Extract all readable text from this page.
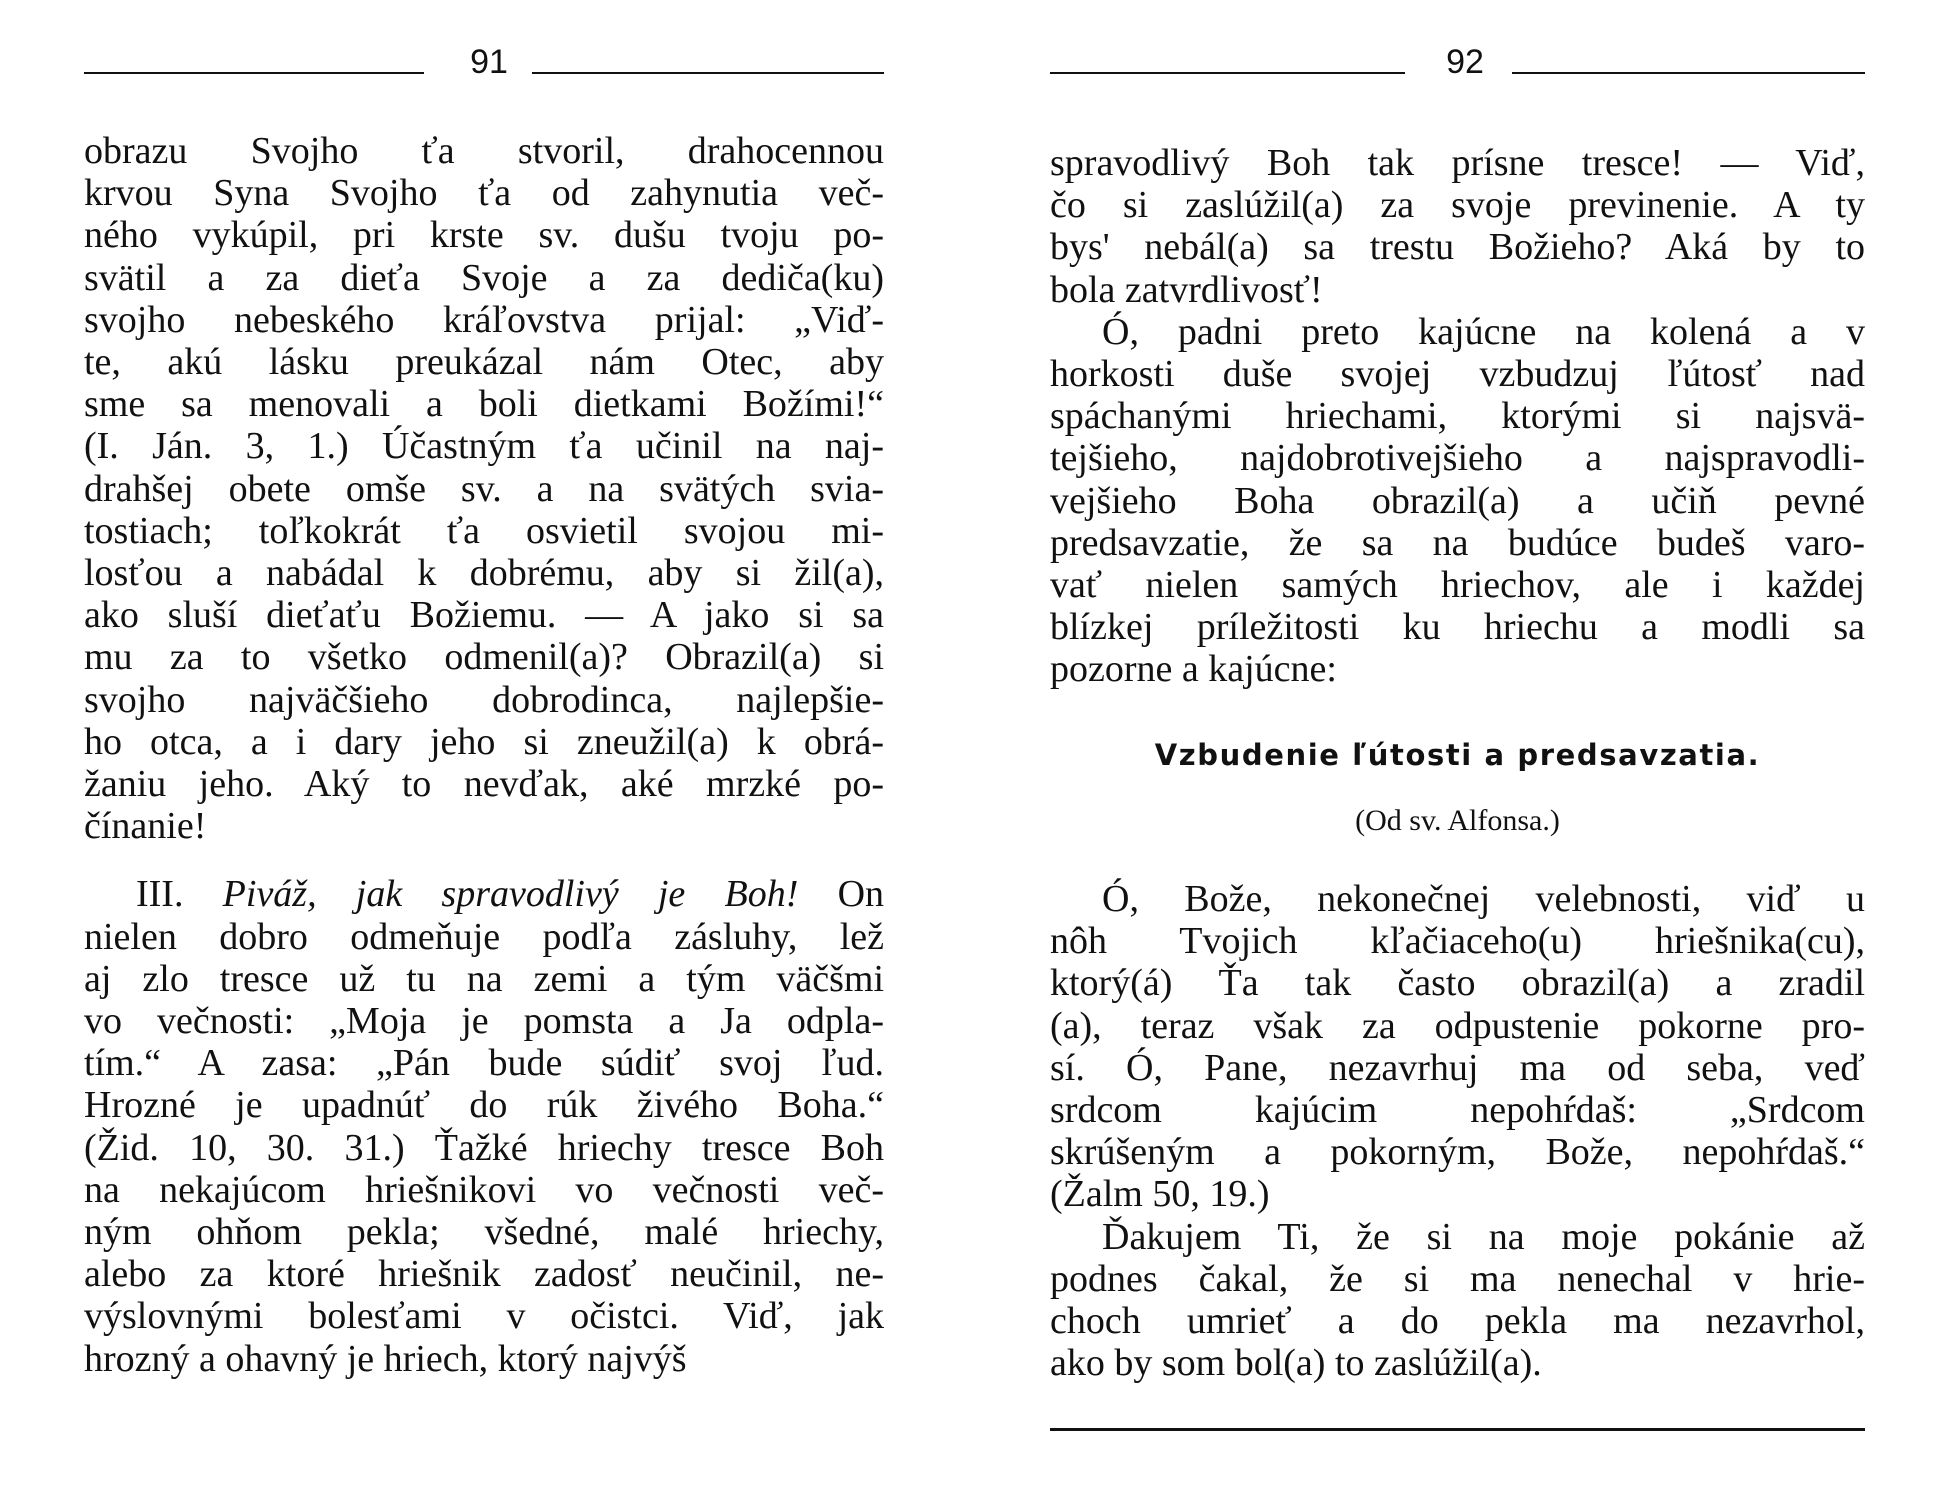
91
obrazu Svojho ťa stvoril, drahocennou
krvou Syna Svojho ťa od zahynutia več-
ného vykúpil, pri krste sv. dušu tvoju po-
svätil a za dieťa Svoje a za dediča(ku)
svojho nebeského kráľovstva prijal: „Viď-
te, akú lásku preukázal nám Otec, aby
sme sa menovali a boli dietkami Božími!“
(I. Ján. 3, 1.) Účastným ťa učinil na naj-
drahšej obete omše sv. a na svätých svia-
tostiach; toľkokrát ťa osvietil svojou mi-
losťou a nabádal k dobrému, aby si žil(a),
ako sluší dieťaťu Božiemu. — A jako si sa
mu za to všetko odmenil(a)? Obrazil(a) si
svojho najväčšieho dobrodinca, najlepšie-
ho otca, a i dary jeho si zneužil(a) k obrá-
žaniu jeho. Aký to nevďak, aké mrzké po-
čínanie!
III. Piváž, jak spravodlivý je Boh! On
nielen dobro odmeňuje podľa zásluhy, lež
aj zlo tresce už tu na zemi a tým väčšmi
vo večnosti: „Moja je pomsta a Ja odpla-
tím.“ A zasa: „Pán bude súdiť svoj ľud.
Hrozné je upadnúť do rúk živého Boha.“
(Žid. 10, 30. 31.) Ťažké hriechy tresce Boh
na nekajúcom hriešnikovi vo večnosti več-
ným ohňom pekla; všedné, malé hriechy,
alebo za ktoré hriešnik zadosť neučinil, ne-
výslovnými bolesťami v očistci. Viď, jak
hrozný a ohavný je hriech, ktorý najvýš
92
spravodlivý Boh tak prísne tresce! — Viď,
čo si zaslúžil(a) za svoje previnenie. A ty
bys' nebál(a) sa trestu Božieho? Aká by to
bola zatvrdlivosť!
Ó, padni preto kajúcne na kolená a v
horkosti duše svojej vzbudzuj ľútosť nad
spáchanými hriechami, ktorými si najsvä-
tejšieho, najdobrotivejšieho a najspravodli-
vejšieho Boha obrazil(a) a učiň pevné
predsavzatie, že sa na budúce budeš varo-
vať nielen samých hriechov, ale i každej
blízkej príležitosti ku hriechu a modli sa
pozorne a kajúcne:
Vzbudenie ľútosti a predsavzatia.
(Od sv. Alfonsa.)
Ó, Bože, nekonečnej velebnosti, viď u
nôh Tvojich kľačiaceho(u) hriešnika(cu),
ktorý(á) Ťa tak často obrazil(a) a zradil
(a), teraz však za odpustenie pokorne pro-
sí. Ó, Pane, nezavrhuj ma od seba, veď
srdcom kajúcim nepohŕdaš: „Srdcom
skrúšeným a pokorným, Bože, nepohŕdaš.“
(Žalm 50, 19.)
Ďakujem Ti, že si na moje pokánie až
podnes čakal, že si ma nenechal v hrie-
choch umrieť a do pekla ma nezavrhol,
ako by som bol(a) to zaslúžil(a).
